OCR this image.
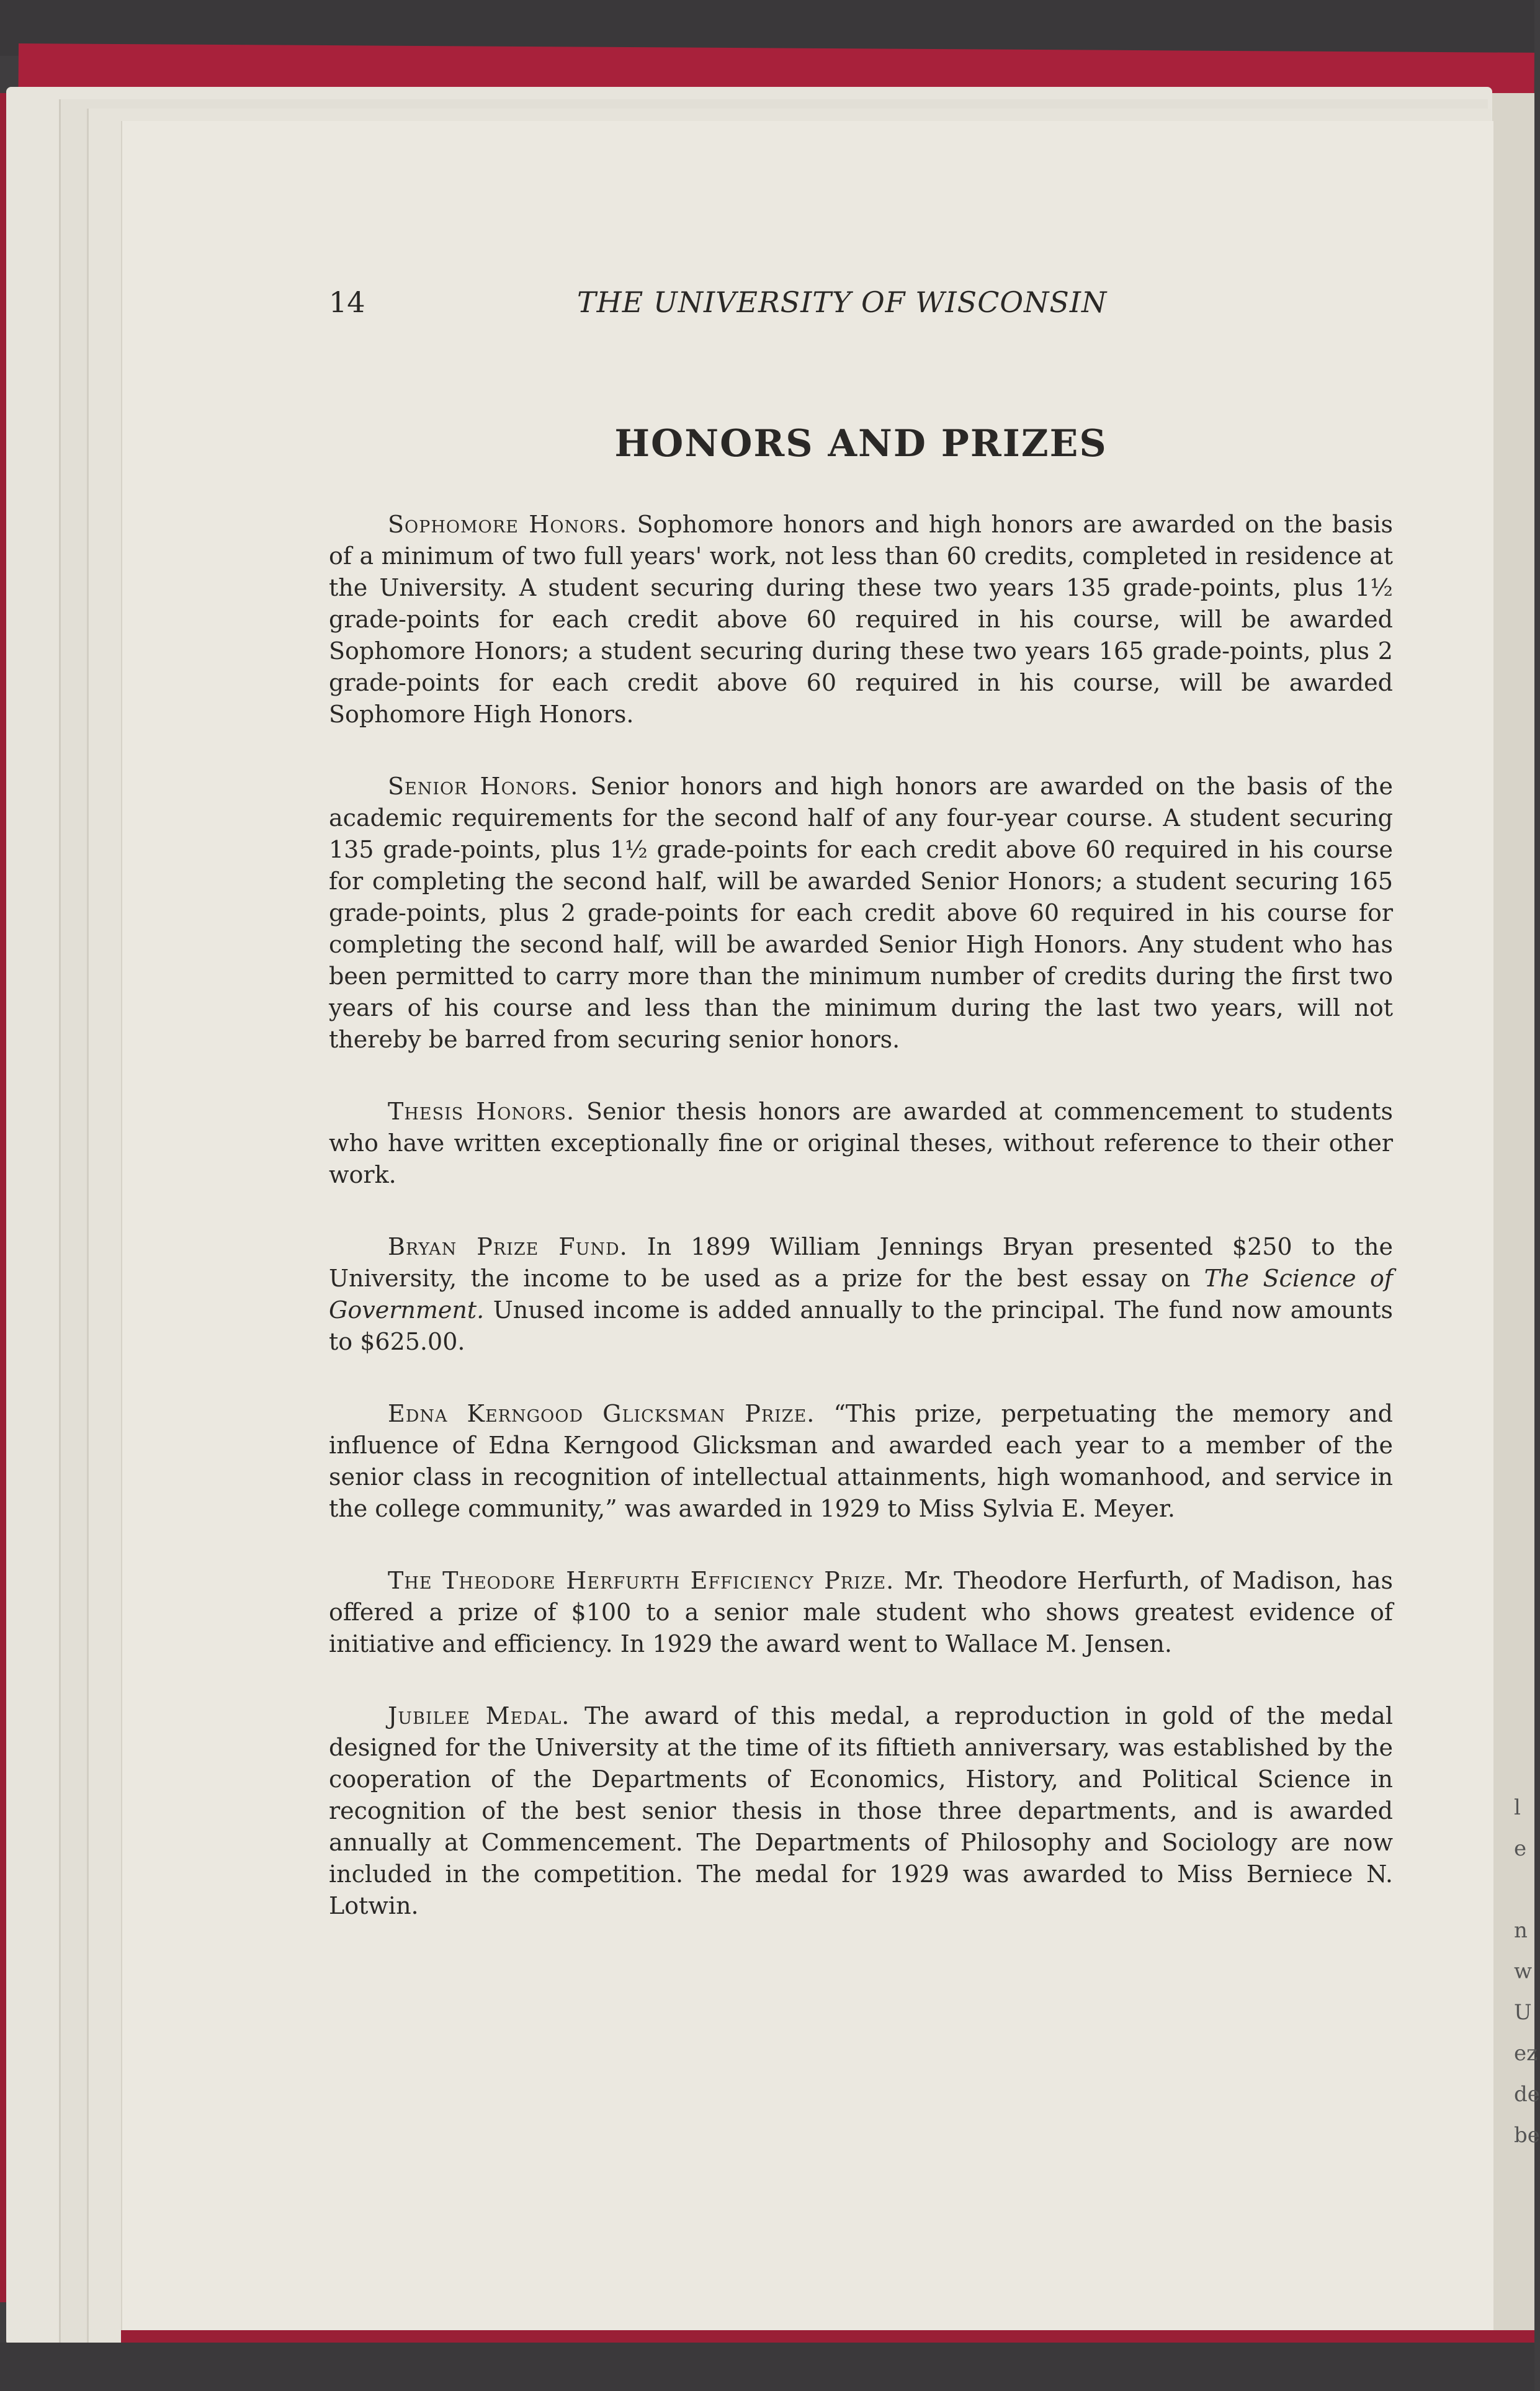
l
e

n
w
U
ez
de
be
14	THE UNIVERSITY OF WISCONSIN
HONORS AND PRIZES

Sophomore Honors. Sophomore honors and high honors are awarded on the basis of a minimum of two full years' work, not less than 60 credits, completed in residence at the University. A student securing during these two years 135 grade-points, plus 1½ grade-points for each credit above 60 required in his course, will be awarded Sophomore Honors; a student securing during these two years 165 grade-points, plus 2 grade-points for each credit above 60 required in his course, will be awarded Sophomore High Honors.

Senior Honors. Senior honors and high honors are awarded on the basis of the academic requirements for the second half of any four-year course. A student securing 135 grade-points, plus 1½ grade-points for each credit above 60 required in his course for completing the second half, will be awarded Senior Honors; a student securing 165 grade-points, plus 2 grade-points for each credit above 60 required in his course for completing the second half, will be awarded Senior High Honors. Any student who has been permitted to carry more than the minimum number of credits during the first two years of his course and less than the minimum during the last two years, will not thereby be barred from securing senior honors.

Thesis Honors. Senior thesis honors are awarded at commencement to students who have written exceptionally fine or original theses, without reference to their other work.

Bryan Prize Fund. In 1899 William Jennings Bryan presented $250 to the University, the income to be used as a prize for the best essay on The Science of Government. Unused income is added annually to the principal. The fund now amounts to $625.00.

Edna Kerngood Glicksman Prize. “This prize, perpetuating the memory and influence of Edna Kerngood Glicksman and awarded each year to a member of the senior class in recognition of intellectual attainments, high womanhood, and service in the college community,” was awarded in 1929 to Miss Sylvia E. Meyer.

The Theodore Herfurth Efficiency Prize. Mr. Theodore Herfurth, of Madison, has offered a prize of $100 to a senior male student who shows greatest evidence of initiative and efficiency. In 1929 the award went to Wallace M. Jensen.

Jubilee Medal. The award of this medal, a reproduction in gold of the medal designed for the University at the time of its fiftieth anniversary, was established by the cooperation of the Departments of Economics, History, and Political Science in recognition of the best senior thesis in those three departments, and is awarded annually at Commencement. The Departments of Philosophy and Sociology are now included in the competition. The medal for 1929 was awarded to Miss Berniece N. Lotwin.
